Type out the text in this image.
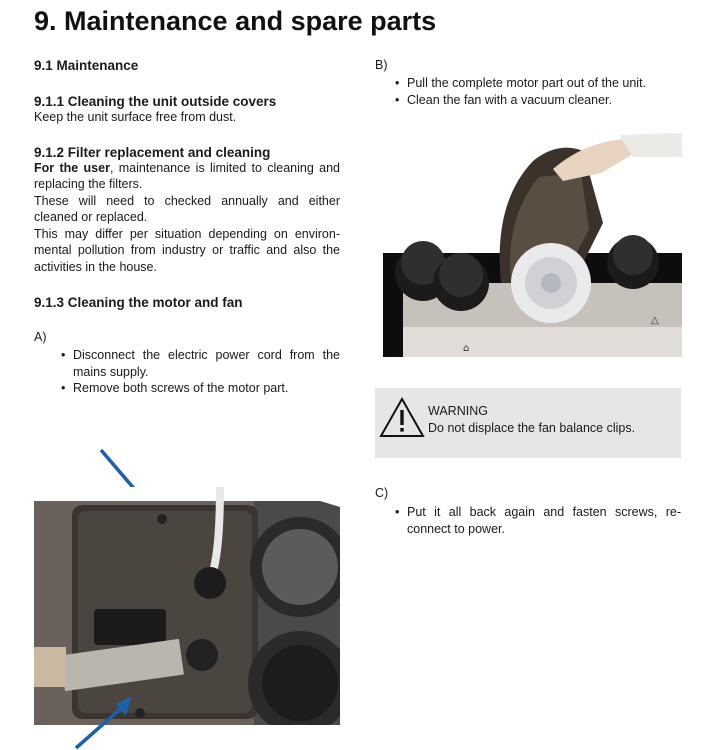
9. Maintenance and spare parts
9.1 Maintenance
9.1.1 Cleaning the unit outside covers

Keep the unit surface free from dust.

9.1.2 Filter replacement and cleaning

For the user, maintenance is limited to cleaning and replacing the filters.

These will need to checked annually and either cleaned or replaced.

This may differ per situation depending on environ-mental pollution from industry or traffic and also the activities in the house.

9.1.3 Cleaning the motor and fan

A)

• Disconnect the electric power cord from the mains supply.
• Remove both screws of the motor part.

B)

• Pull the complete motor part out of the unit.
• Clean the fan with a vacuum cleaner.
△
⌂

WARNING

Do not displace the fan balance clips.

C)

• Put it all back again and fasten screws, re-connect to power.
